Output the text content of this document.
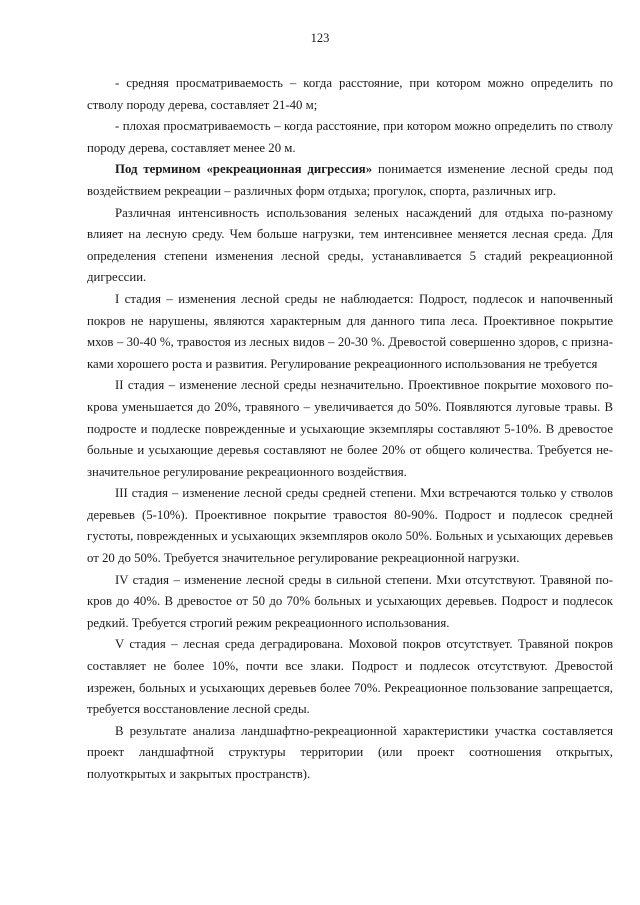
123

- средняя просматриваемость – когда расстояние, при котором можно определить по стволу породу дерева, составляет 21-40 м;

- плохая просматриваемость – когда расстояние, при котором можно определить по стволу породу дерева, составляет менее 20 м.

Под термином «рекреационная дигрессия» понимается изменение лесной среды под воздействием рекреации – различных форм отдыха; прогулок, спорта, различных игр.

Различная интенсивность использования зеленых насаждений для отдыха по-разному влияет на лесную среду. Чем больше нагрузки, тем интенсивнее меняется лесная среда. Для определения степени изменения лесной среды, устанавливается 5 стадий рекреационной дигрессии.

I стадия – изменения лесной среды не наблюдается: Подрост, подлесок и напочвенный покров не нарушены, являются характерным для данного типа леса. Проективное покрытие мхов – 30-40 %, травостоя из лесных видов – 20-30 %. Древостой совершенно здоров, с признаками хорошего роста и развития. Регулирование рекреационного использования не требуется

II стадия – изменение лесной среды незначительно. Проективное покрытие мохового покрова уменьшается до 20%, травяного – увеличивается до 50%. Появляются луговые травы. В подросте и подлеске поврежденные и усыхающие экземпляры составляют 5-10%. В древостое больные и усыхающие деревья составляют не более 20% от общего количества. Требуется незначительное регулирование рекреационного воздействия.

III стадия – изменение лесной среды средней степени. Мхи встречаются только у стволов деревьев (5-10%). Проективное покрытие травостоя 80-90%. Подрост и подлесок средней густоты, поврежденных и усыхающих экземпляров около 50%. Больных и усыхающих деревьев от 20 до 50%. Требуется значительное регулирование рекреационной нагрузки.

IV стадия – изменение лесной среды в сильной степени. Мхи отсутствуют. Травяной покров до 40%. В древостое от 50 до 70% больных и усыхающих деревьев. Подрост и подлесок редкий. Требуется строгий режим рекреационного использования.

V стадия – лесная среда деградирована. Моховой покров отсутствует. Травяной покров составляет не более 10%, почти все злаки. Подрост и подлесок отсутствуют. Древостой изрежен, больных и усыхающих деревьев более 70%. Рекреационное пользование запрещается, требуется восстановление лесной среды.

В результате анализа ландшафтно-рекреационной характеристики участка составляется проект ландшафтной структуры территории (или проект соотношения открытых, полуоткрытых и закрытых пространств).
